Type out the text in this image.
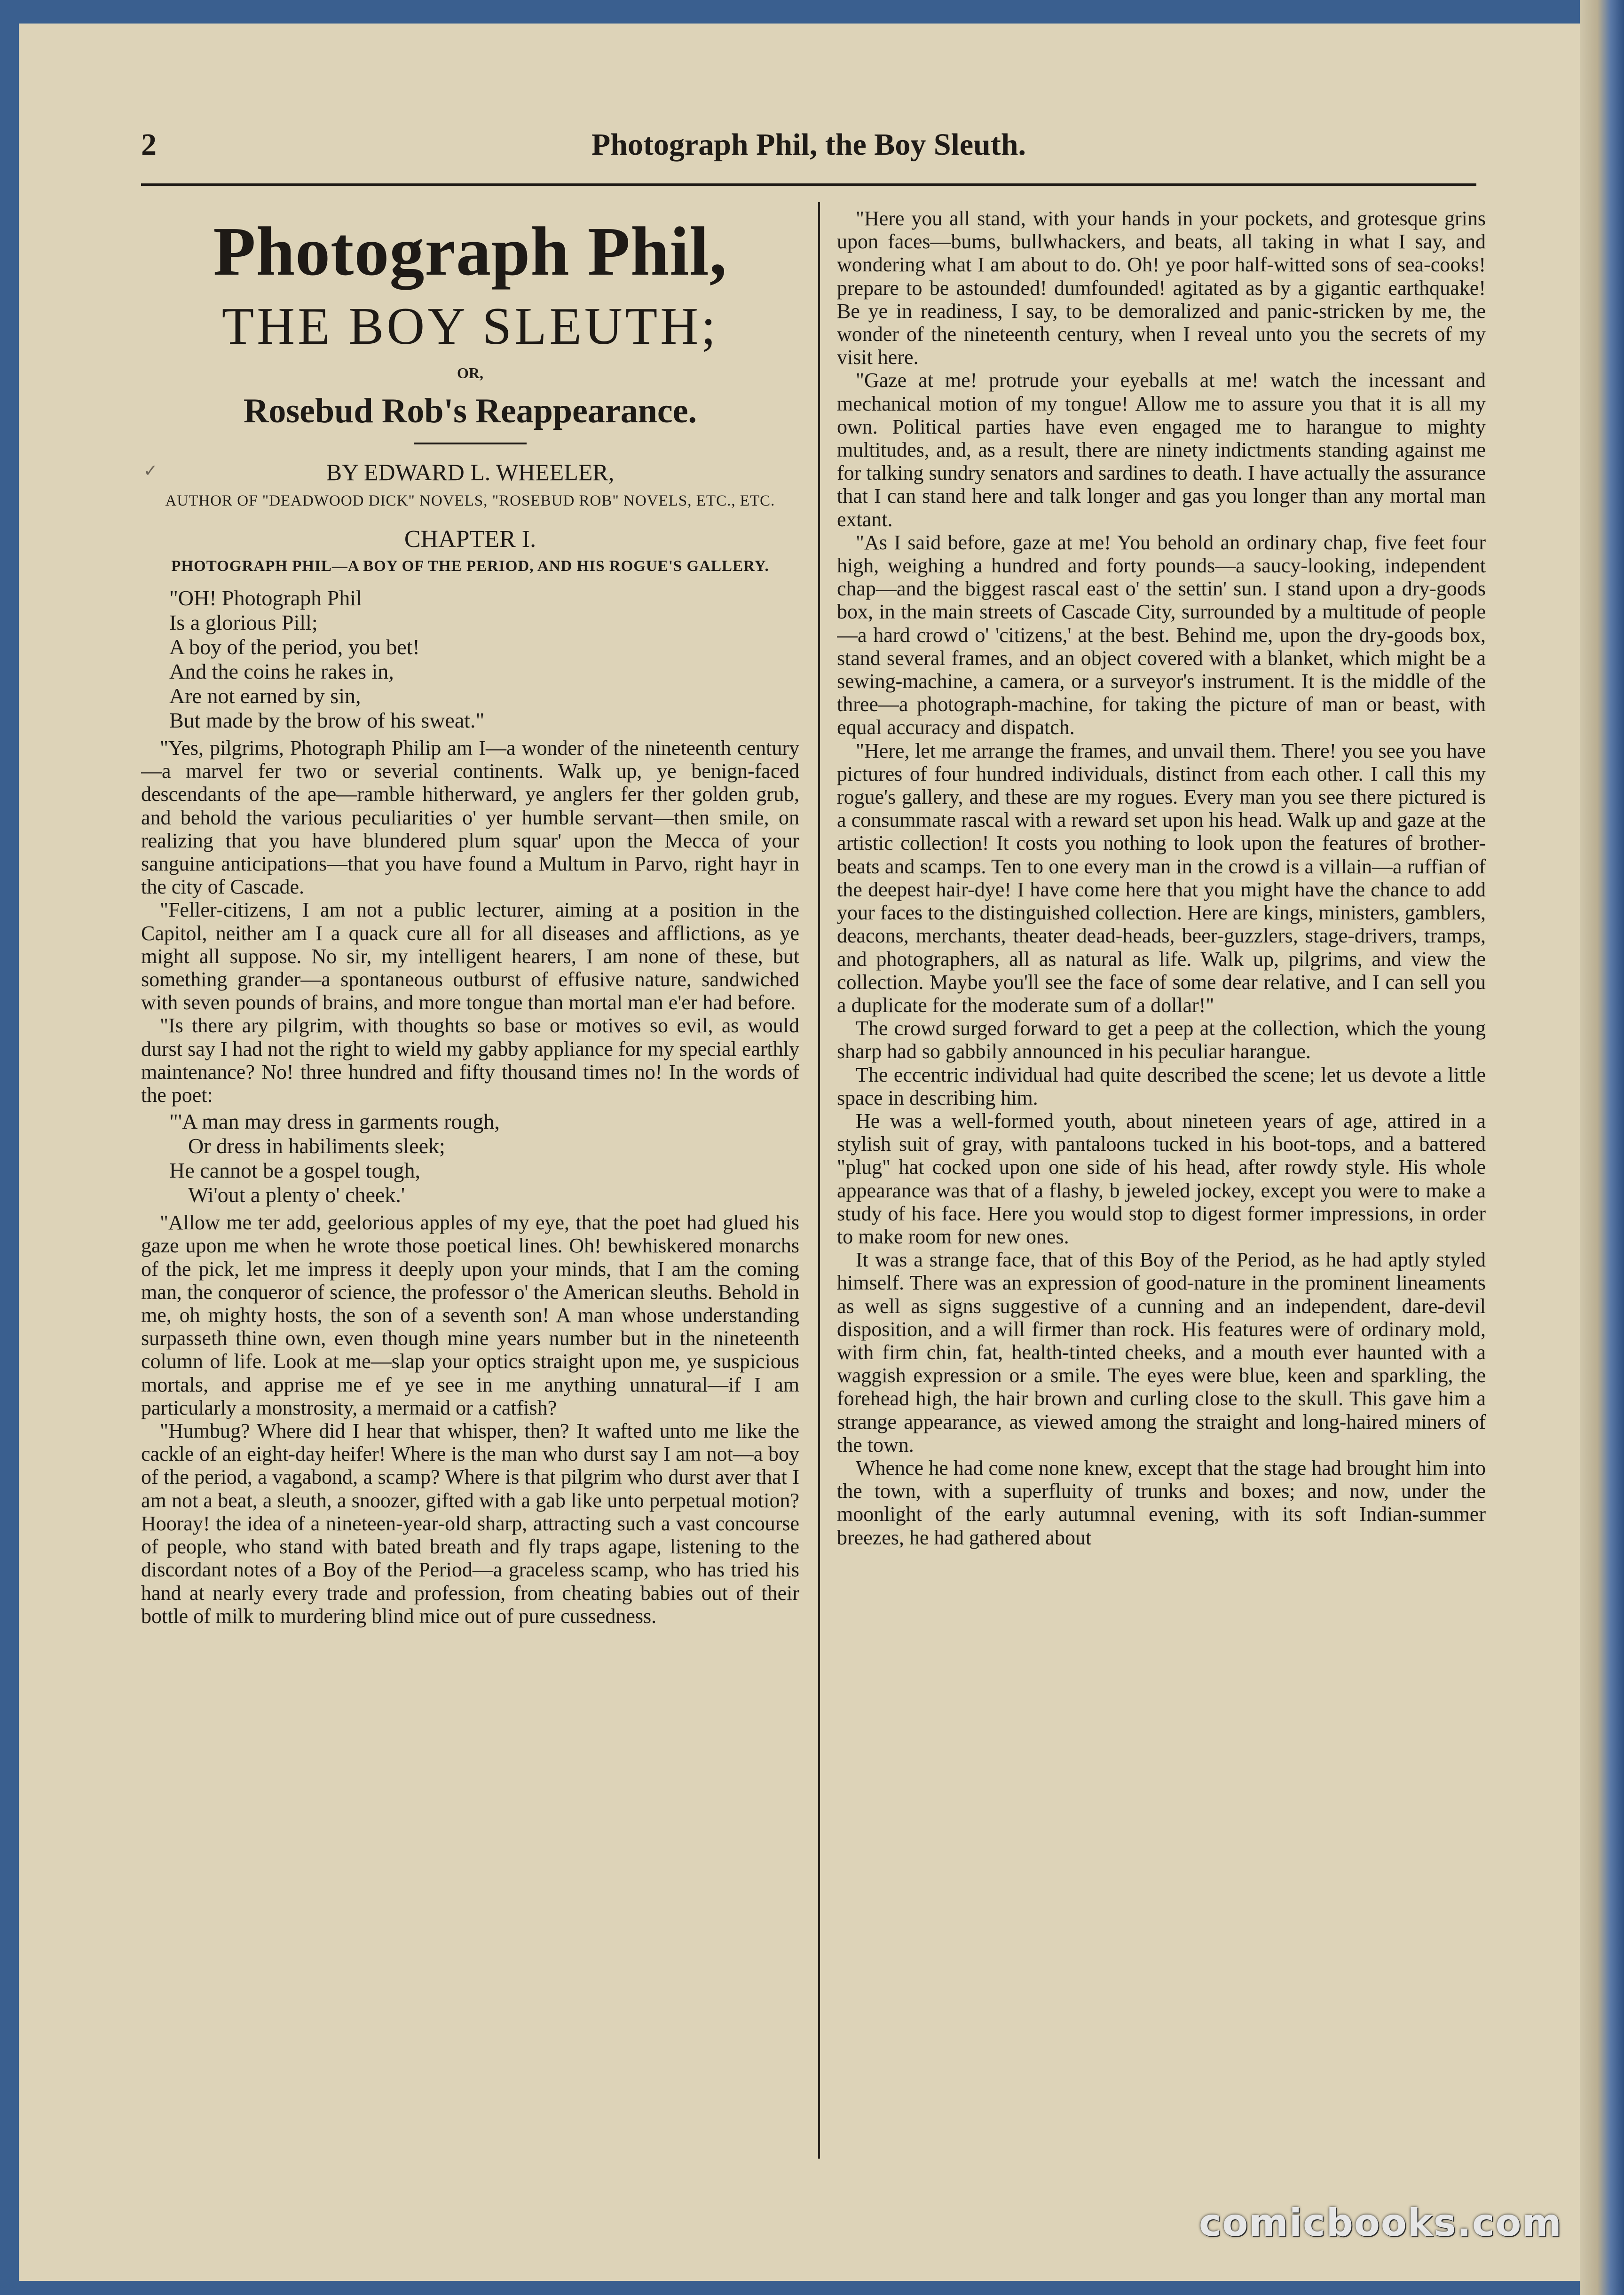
2	Photograph Phil, the Boy Sleuth.
Photograph Phil,
THE BOY SLEUTH;
OR,
Rosebud Rob's Reappearance.
BY EDWARD L. WHEELER,
AUTHOR OF "DEADWOOD DICK" NOVELS, "ROSEBUD ROB" NOVELS, ETC., ETC.
CHAPTER I.
PHOTOGRAPH PHIL—A BOY OF THE PERIOD, AND HIS ROGUE'S GALLERY.
"OH! Photograph Phil
Is a glorious Pill;
A boy of the period, you bet!
And the coins he rakes in,
Are not earned by sin,
But made by the brow of his sweat."

"Yes, pilgrims, Photograph Philip am I—a wonder of the nineteenth century—a marvel fer two or severial continents. Walk up, ye benign-faced descendants of the ape—ramble hitherward, ye anglers fer ther golden grub, and behold the various peculiarities o' yer humble servant—then smile, on realizing that you have blundered plum squar' upon the Mecca of your sanguine anticipations—that you have found a Multum in Parvo, right hayr in the city of Cascade.

"Feller-citizens, I am not a public lecturer, aiming at a position in the Capitol, neither am I a quack cure all for all diseases and afflictions, as ye might all suppose. No sir, my intelligent hearers, I am none of these, but something grander—a spontaneous outburst of effusive nature, sandwiched with seven pounds of brains, and more tongue than mortal man e'er had before.

"Is there ary pilgrim, with thoughts so base or motives so evil, as would durst say I had not the right to wield my gabby appliance for my special earthly maintenance? No! three hundred and fifty thousand times no! In the words of the poet:

"'A man may dress in garments rough,
Or dress in habiliments sleek;
He cannot be a gospel tough,
Wi'out a plenty o' cheek.'

"Allow me ter add, geelorious apples of my eye, that the poet had glued his gaze upon me when he wrote those poetical lines. Oh! bewhiskered monarchs of the pick, let me impress it deeply upon your minds, that I am the coming man, the conqueror of science, the professor o' the American sleuths. Behold in me, oh mighty hosts, the son of a seventh son! A man whose understanding surpasseth thine own, even though mine years number but in the nineteenth column of life. Look at me—slap your optics straight upon me, ye suspicious mortals, and apprise me ef ye see in me anything unnatural—if I am particularly a monstrosity, a mermaid or a catfish?

"Humbug? Where did I hear that whisper, then? It wafted unto me like the cackle of an eight-day heifer! Where is the man who durst say I am not—a boy of the period, a vagabond, a scamp? Where is that pilgrim who durst aver that I am not a beat, a sleuth, a snoozer, gifted with a gab like unto perpetual motion? Hooray! the idea of a nineteen-year-old sharp, attracting such a vast concourse of people, who stand with bated breath and fly traps agape, listening to the discordant notes of a Boy of the Period—a graceless scamp, who has tried his hand at nearly every trade and profession, from cheating babies out of their bottle of milk to murdering blind mice out of pure cussedness.

"Here you all stand, with your hands in your pockets, and grotesque grins upon faces—bums, bullwhackers, and beats, all taking in what I say, and wondering what I am about to do. Oh! ye poor half-witted sons of sea-cooks! prepare to be astounded! dumfounded! agitated as by a gigantic earthquake! Be ye in readiness, I say, to be demoralized and panic-stricken by me, the wonder of the nineteenth century, when I reveal unto you the secrets of my visit here.

"Gaze at me! protrude your eyeballs at me! watch the incessant and mechanical motion of my tongue! Allow me to assure you that it is all my own. Political parties have even engaged me to harangue to mighty multitudes, and, as a result, there are ninety indictments standing against me for talking sundry senators and sardines to death. I have actually the assurance that I can stand here and talk longer and gas you longer than any mortal man extant.

"As I said before, gaze at me! You behold an ordinary chap, five feet four high, weighing a hundred and forty pounds—a saucy-looking, independent chap—and the biggest rascal east o' the settin' sun. I stand upon a dry-goods box, in the main streets of Cascade City, surrounded by a multitude of people—a hard crowd o' 'citizens,' at the best. Behind me, upon the dry-goods box, stand several frames, and an object covered with a blanket, which might be a sewing-machine, a camera, or a surveyor's instrument. It is the middle of the three—a photograph-machine, for taking the picture of man or beast, with equal accuracy and dispatch.

"Here, let me arrange the frames, and unvail them. There! you see you have pictures of four hundred individuals, distinct from each other. I call this my rogue's gallery, and these are my rogues. Every man you see there pictured is a consummate rascal with a reward set upon his head. Walk up and gaze at the artistic collection! It costs you nothing to look upon the features of brother-beats and scamps. Ten to one every man in the crowd is a villain—a ruffian of the deepest hair-dye! I have come here that you might have the chance to add your faces to the distinguished collection. Here are kings, ministers, gamblers, deacons, merchants, theater dead-heads, beer-guzzlers, stage-drivers, tramps, and photographers, all as natural as life. Walk up, pilgrims, and view the collection. Maybe you'll see the face of some dear relative, and I can sell you a duplicate for the moderate sum of a dollar!"

The crowd surged forward to get a peep at the collection, which the young sharp had so gabbily announced in his peculiar harangue.

The eccentric individual had quite described the scene; let us devote a little space in describing him.

He was a well-formed youth, about nineteen years of age, attired in a stylish suit of gray, with pantaloons tucked in his boot-tops, and a battered "plug" hat cocked upon one side of his head, after rowdy style. His whole appearance was that of a flashy, b jeweled jockey, except you were to make a study of his face. Here you would stop to digest former impressions, in order to make room for new ones.

It was a strange face, that of this Boy of the Period, as he had aptly styled himself. There was an expression of good-nature in the prominent lineaments as well as signs suggestive of a cunning and an independent, dare-devil disposition, and a will firmer than rock. His features were of ordinary mold, with firm chin, fat, health-tinted cheeks, and a mouth ever haunted with a waggish expression or a smile. The eyes were blue, keen and sparkling, the forehead high, the hair brown and curling close to the skull. This gave him a strange appearance, as viewed among the straight and long-haired miners of the town.

Whence he had come none knew, except that the stage had brought him into the town, with a superfluity of trunks and boxes; and now, under the moonlight of the early autumnal evening, with its soft Indian-summer breezes, he had gathered about

✓
comicbooks.com
